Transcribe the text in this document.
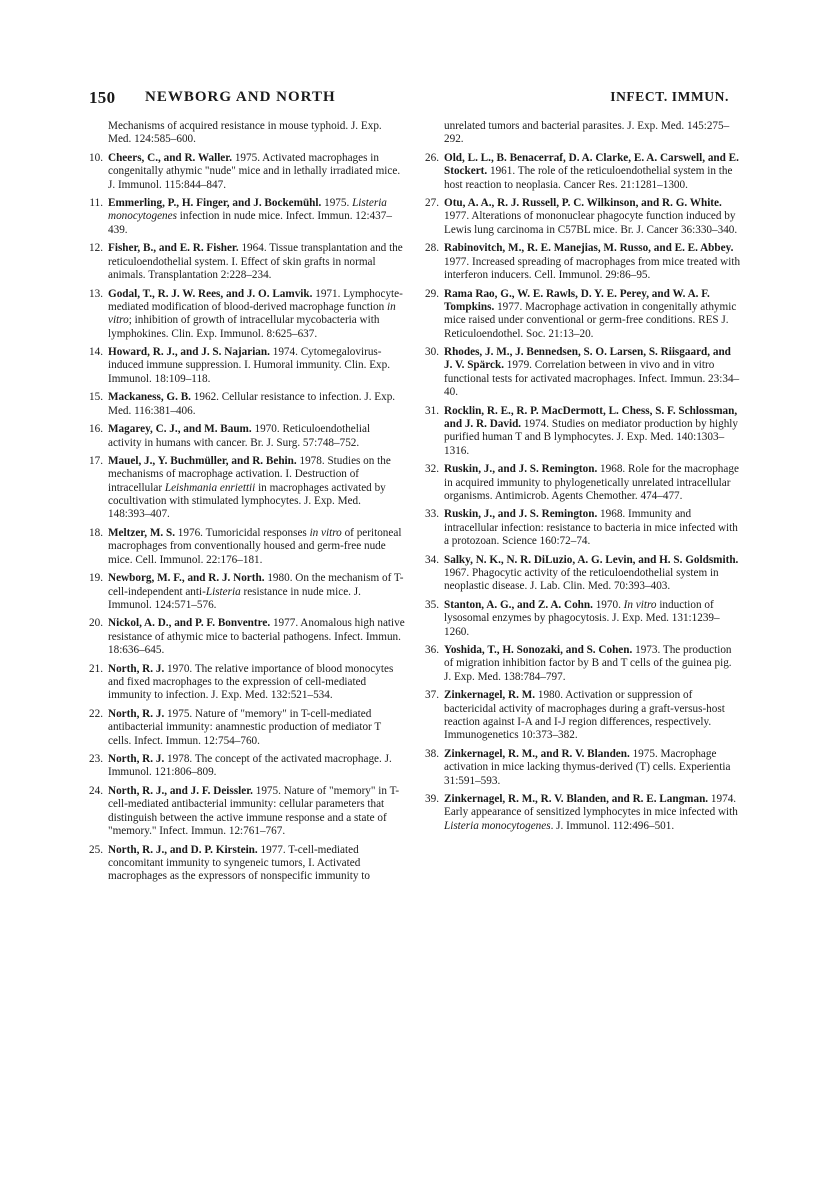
150 NEWBORG AND NORTH	INFECT. IMMUN.
Mechanisms of acquired resistance in mouse typhoid. J. Exp. Med. 124:585–600.
10. Cheers, C., and R. Waller. 1975. Activated macrophages in congenitally athymic "nude" mice and in lethally irradiated mice. J. Immunol. 115:844–847.
11. Emmerling, P., H. Finger, and J. Bockemühl. 1975. Listeria monocytogenes infection in nude mice. Infect. Immun. 12:437–439.
12. Fisher, B., and E. R. Fisher. 1964. Tissue transplantation and the reticuloendothelial system. I. Effect of skin grafts in normal animals. Transplantation 2:228–234.
13. Godal, T., R. J. W. Rees, and J. O. Lamvik. 1971. Lymphocyte-mediated modification of blood-derived macrophage function in vitro; inhibition of growth of intracellular mycobacteria with lymphokines. Clin. Exp. Immunol. 8:625–637.
14. Howard, R. J., and J. S. Najarian. 1974. Cytomegalovirus-induced immune suppression. I. Humoral immunity. Clin. Exp. Immunol. 18:109–118.
15. Mackaness, G. B. 1962. Cellular resistance to infection. J. Exp. Med. 116:381–406.
16. Magarey, C. J., and M. Baum. 1970. Reticuloendothelial activity in humans with cancer. Br. J. Surg. 57:748–752.
17. Mauel, J., Y. Buchmüller, and R. Behin. 1978. Studies on the mechanisms of macrophage activation. I. Destruction of intracellular Leishmania enriettii in macrophages activated by cocultivation with stimulated lymphocytes. J. Exp. Med. 148:393–407.
18. Meltzer, M. S. 1976. Tumoricidal responses in vitro of peritoneal macrophages from conventionally housed and germ-free nude mice. Cell. Immunol. 22:176–181.
19. Newborg, M. F., and R. J. North. 1980. On the mechanism of T-cell-independent anti-Listeria resistance in nude mice. J. Immunol. 124:571–576.
20. Nickol, A. D., and P. F. Bonventre. 1977. Anomalous high native resistance of athymic mice to bacterial pathogens. Infect. Immun. 18:636–645.
21. North, R. J. 1970. The relative importance of blood monocytes and fixed macrophages to the expression of cell-mediated immunity to infection. J. Exp. Med. 132:521–534.
22. North, R. J. 1975. Nature of "memory" in T-cell-mediated antibacterial immunity: anamnestic production of mediator T cells. Infect. Immun. 12:754–760.
23. North, R. J. 1978. The concept of the activated macrophage. J. Immunol. 121:806–809.
24. North, R. J., and J. F. Deissler. 1975. Nature of "memory" in T-cell-mediated antibacterial immunity: cellular parameters that distinguish between the active immune response and a state of "memory." Infect. Immun. 12:761–767.
25. North, R. J., and D. P. Kirstein. 1977. T-cell-mediated concomitant immunity to syngeneic tumors, I. Activated macrophages as the expressors of nonspecific immunity to
unrelated tumors and bacterial parasites. J. Exp. Med. 145:275–292.
26. Old, L. L., B. Benacerraf, D. A. Clarke, E. A. Carswell, and E. Stockert. 1961. The role of the reticuloendothelial system in the host reaction to neoplasia. Cancer Res. 21:1281–1300.
27. Otu, A. A., R. J. Russell, P. C. Wilkinson, and R. G. White. 1977. Alterations of mononuclear phagocyte function induced by Lewis lung carcinoma in C57BL mice. Br. J. Cancer 36:330–340.
28. Rabinovitch, M., R. E. Manejias, M. Russo, and E. E. Abbey. 1977. Increased spreading of macrophages from mice treated with interferon inducers. Cell. Immunol. 29:86–95.
29. Rama Rao, G., W. E. Rawls, D. Y. E. Perey, and W. A. F. Tompkins. 1977. Macrophage activation in congenitally athymic mice raised under conventional or germ-free conditions. RES J. Reticuloendothel. Soc. 21:13–20.
30. Rhodes, J. M., J. Bennedsen, S. O. Larsen, S. Riisgaard, and J. V. Spärck. 1979. Correlation between in vivo and in vitro functional tests for activated macrophages. Infect. Immun. 23:34–40.
31. Rocklin, R. E., R. P. MacDermott, L. Chess, S. F. Schlossman, and J. R. David. 1974. Studies on mediator production by highly purified human T and B lymphocytes. J. Exp. Med. 140:1303–1316.
32. Ruskin, J., and J. S. Remington. 1968. Role for the macrophage in acquired immunity to phylogenetically unrelated intracellular organisms. Antimicrob. Agents Chemother. 474–477.
33. Ruskin, J., and J. S. Remington. 1968. Immunity and intracellular infection: resistance to bacteria in mice infected with a protozoan. Science 160:72–74.
34. Salky, N. K., N. R. DiLuzio, A. G. Levin, and H. S. Goldsmith. 1967. Phagocytic activity of the reticuloendothelial system in neoplastic disease. J. Lab. Clin. Med. 70:393–403.
35. Stanton, A. G., and Z. A. Cohn. 1970. In vitro induction of lysosomal enzymes by phagocytosis. J. Exp. Med. 131:1239–1260.
36. Yoshida, T., H. Sonozaki, and S. Cohen. 1973. The production of migration inhibition factor by B and T cells of the guinea pig. J. Exp. Med. 138:784–797.
37. Zinkernagel, R. M. 1980. Activation or suppression of bactericidal activity of macrophages during a graft-versus-host reaction against I-A and I-J region differences, respectively. Immunogenetics 10:373–382.
38. Zinkernagel, R. M., and R. V. Blanden. 1975. Macrophage activation in mice lacking thymus-derived (T) cells. Experientia 31:591–593.
39. Zinkernagel, R. M., R. V. Blanden, and R. E. Langman. 1974. Early appearance of sensitized lymphocytes in mice infected with Listeria monocytogenes. J. Immunol. 112:496–501.
